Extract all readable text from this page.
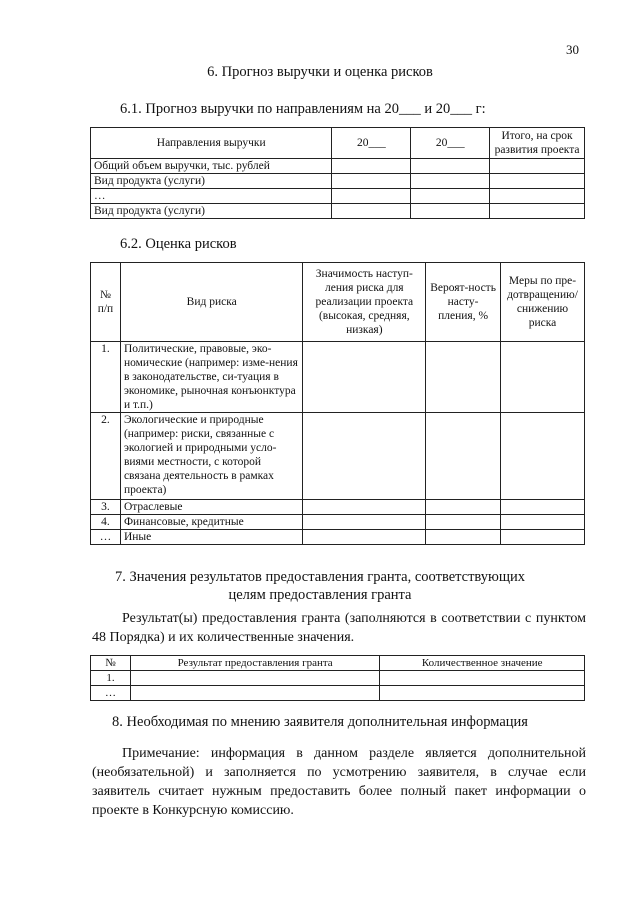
30
6. Прогноз выручки и оценка рисков
6.1. Прогноз выручки по направлениям на 20___ и 20___ г:
Направления выручки	20___	20___	Итого, на срок развития проекта
Общий объем выручки, тыс. рублей			
Вид продукта (услуги)			
…			
Вид продукта (услуги)			
6.2. Оценка рисков
№ п/п	Вид риска	Значимость наступ-ления риска для реализации проекта (высокая, средняя, низкая)	Вероят-ность насту-пления, %	Меры по пре-дотвращению/ снижению риска
1.	Политические, правовые, эко-номические (например: изме-нения в законодательстве, си-туация в экономике, рыночная конъюнктура и т.п.)			
2.	Экологические и природные (например: риски, связанные с экологией и природными усло-виями местности, с которой связана деятельность в рамках проекта)			
3.	Отраслевые			
4.	Финансовые, кредитные			
…	Иные			
7. Значения результатов предоставления гранта, соответствующих
целям предоставления гранта
Результат(ы) предоставления гранта (заполняются в соответствии с пунктом 48 Порядка) и их количественные значения.
№	Результат предоставления гранта	Количественное значение
1.		
…		
8. Необходимая по мнению заявителя дополнительная информация
Примечание: информация в данном разделе является дополнительной (необязательной) и заполняется по усмотрению заявителя, в случае если заявитель считает нужным предоставить более полный пакет информации о проекте в Конкурсную комиссию.
